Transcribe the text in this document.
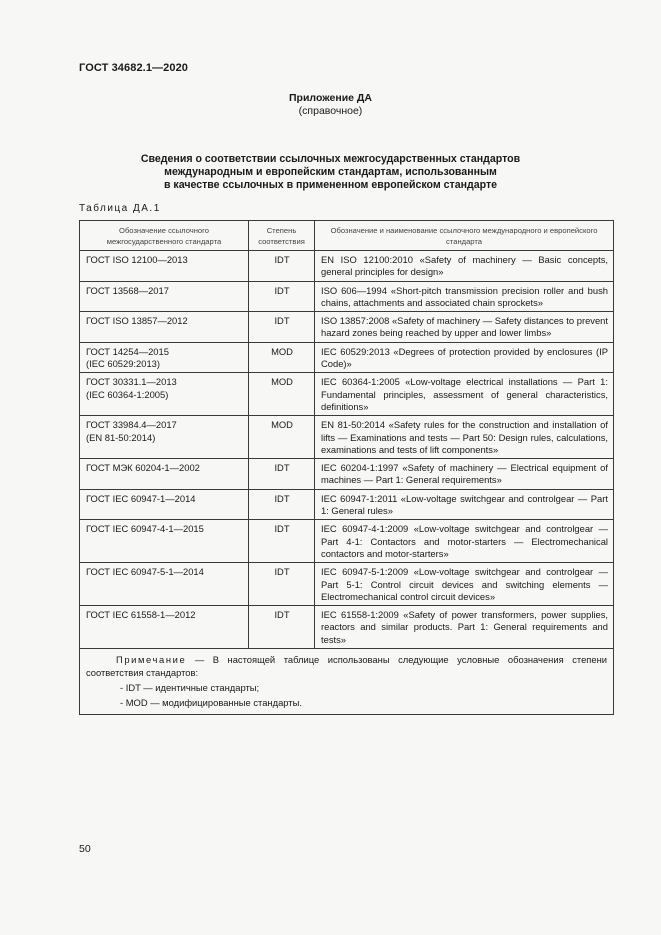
ГОСТ 34682.1—2020
Приложение ДА
(справочное)
Сведения о соответствии ссылочных межгосударственных стандартов
международным и европейским стандартам, использованным
в качестве ссылочных в примененном европейском стандарте
Таблица ДА.1
Обозначение ссылочного межгосударственного стандарта	Степень соответствия	Обозначение и наименование ссылочного международного и европейского стандарта

ГОСТ ISO 12100—2013	IDT	EN ISO 12100:2010 «Safety of machinery — Basic concepts, general principles for design»

ГОСТ 13568—2017	IDT	ISO 606—1994 «Short-pitch transmission precision roller and bush chains, attachments and associated chain sprockets»

ГОСТ ISO 13857—2012	IDT	ISO 13857:2008 «Safety of machinery — Safety distances to prevent hazard zones being reached by upper and lower limbs»

ГОСТ 14254—2015
(IEC 60529:2013)	MOD	IEC 60529:2013 «Degrees of protection provided by enclosures (IP Code)»

ГОСТ 30331.1—2013
(IEC 60364-1:2005)	MOD	IEC 60364-1:2005 «Low-voltage electrical installations — Part 1: Fundamental principles, assessment of general characteristics, definitions»

ГОСТ 33984.4—2017
(EN 81-50:2014)	MOD	EN 81-50:2014 «Safety rules for the construction and installation of lifts — Examinations and tests — Part 50: Design rules, calculations, examinations and tests of lift components»

ГОСТ МЭК 60204-1—2002	IDT	IEC 60204-1:1997 «Safety of machinery — Electrical equipment of machines — Part 1: General requirements»

ГОСТ IEC 60947-1—2014	IDT	IEC 60947-1:2011 «Low-voltage switchgear and controlgear — Part 1: General rules»

ГОСТ IEC 60947-4-1—2015	IDT	IEC 60947-4-1:2009 «Low-voltage switchgear and controlgear — Part 4-1: Contactors and motor-starters — Electromechanical contactors and motor-starters»

ГОСТ IEC 60947-5-1—2014	IDT	IEC 60947-5-1:2009 «Low-voltage switchgear and controlgear — Part 5-1: Control circuit devices and switching elements — Electromechanical control circuit devices»

ГОСТ IEC 61558-1—2012	IDT	IEC 61558-1:2009 «Safety of power transformers, power supplies, reactors and similar products. Part 1: General requirements and tests»

Примечание — В настоящей таблице использованы следующие условные обозначения степени соответствия стандартов:
- IDT — идентичные стандарты;
- MOD — модифицированные стандарты.		
50
